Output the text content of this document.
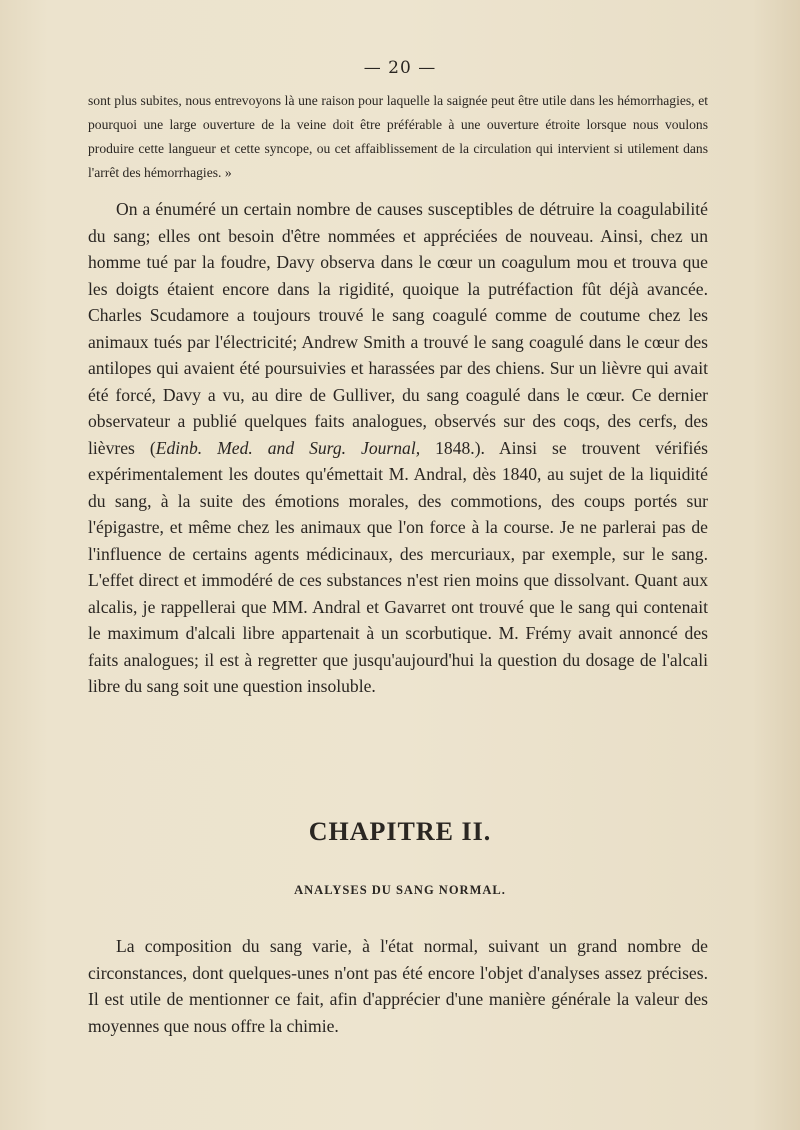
— 20 —

sont plus subites, nous entrevoyons là une raison pour laquelle la saignée peut être utile dans les hémorrhagies, et pourquoi une large ouverture de la veine doit être préférable à une ouverture étroite lorsque nous voulons produire cette langueur et cette syncope, ou cet affaiblissement de la circulation qui intervient si utilement dans l'arrêt des hémorrhagies. »

On a énuméré un certain nombre de causes susceptibles de détruire la coagulabilité du sang; elles ont besoin d'être nommées et appréciées de nouveau. Ainsi, chez un homme tué par la foudre, Davy observa dans le cœur un coagulum mou et trouva que les doigts étaient encore dans la rigidité, quoique la putréfaction fût déjà avancée. Charles Scudamore a toujours trouvé le sang coagulé comme de coutume chez les animaux tués par l'électricité; Andrew Smith a trouvé le sang coagulé dans le cœur des antilopes qui avaient été poursuivies et harassées par des chiens. Sur un lièvre qui avait été forcé, Davy a vu, au dire de Gulliver, du sang coagulé dans le cœur. Ce dernier observateur a publié quelques faits analogues, observés sur des coqs, des cerfs, des lièvres (Edinb. Med. and Surg. Journal, 1848.). Ainsi se trouvent vérifiés expérimentalement les doutes qu'émettait M. Andral, dès 1840, au sujet de la liquidité du sang, à la suite des émotions morales, des commotions, des coups portés sur l'épigastre, et même chez les animaux que l'on force à la course. Je ne parlerai pas de l'influence de certains agents médicinaux, des mercuriaux, par exemple, sur le sang. L'effet direct et immodéré de ces substances n'est rien moins que dissolvant. Quant aux alcalis, je rappellerai que MM. Andral et Gavarret ont trouvé que le sang qui contenait le maximum d'alcali libre appartenait à un scorbutique. M. Frémy avait annoncé des faits analogues; il est à regretter que jusqu'aujourd'hui la question du dosage de l'alcali libre du sang soit une question insoluble.

CHAPITRE II.
ANALYSES DU SANG NORMAL.

La composition du sang varie, à l'état normal, suivant un grand nombre de circonstances, dont quelques-unes n'ont pas été encore l'objet d'analyses assez précises. Il est utile de mentionner ce fait, afin d'apprécier d'une manière générale la valeur des moyennes que nous offre la chimie.
